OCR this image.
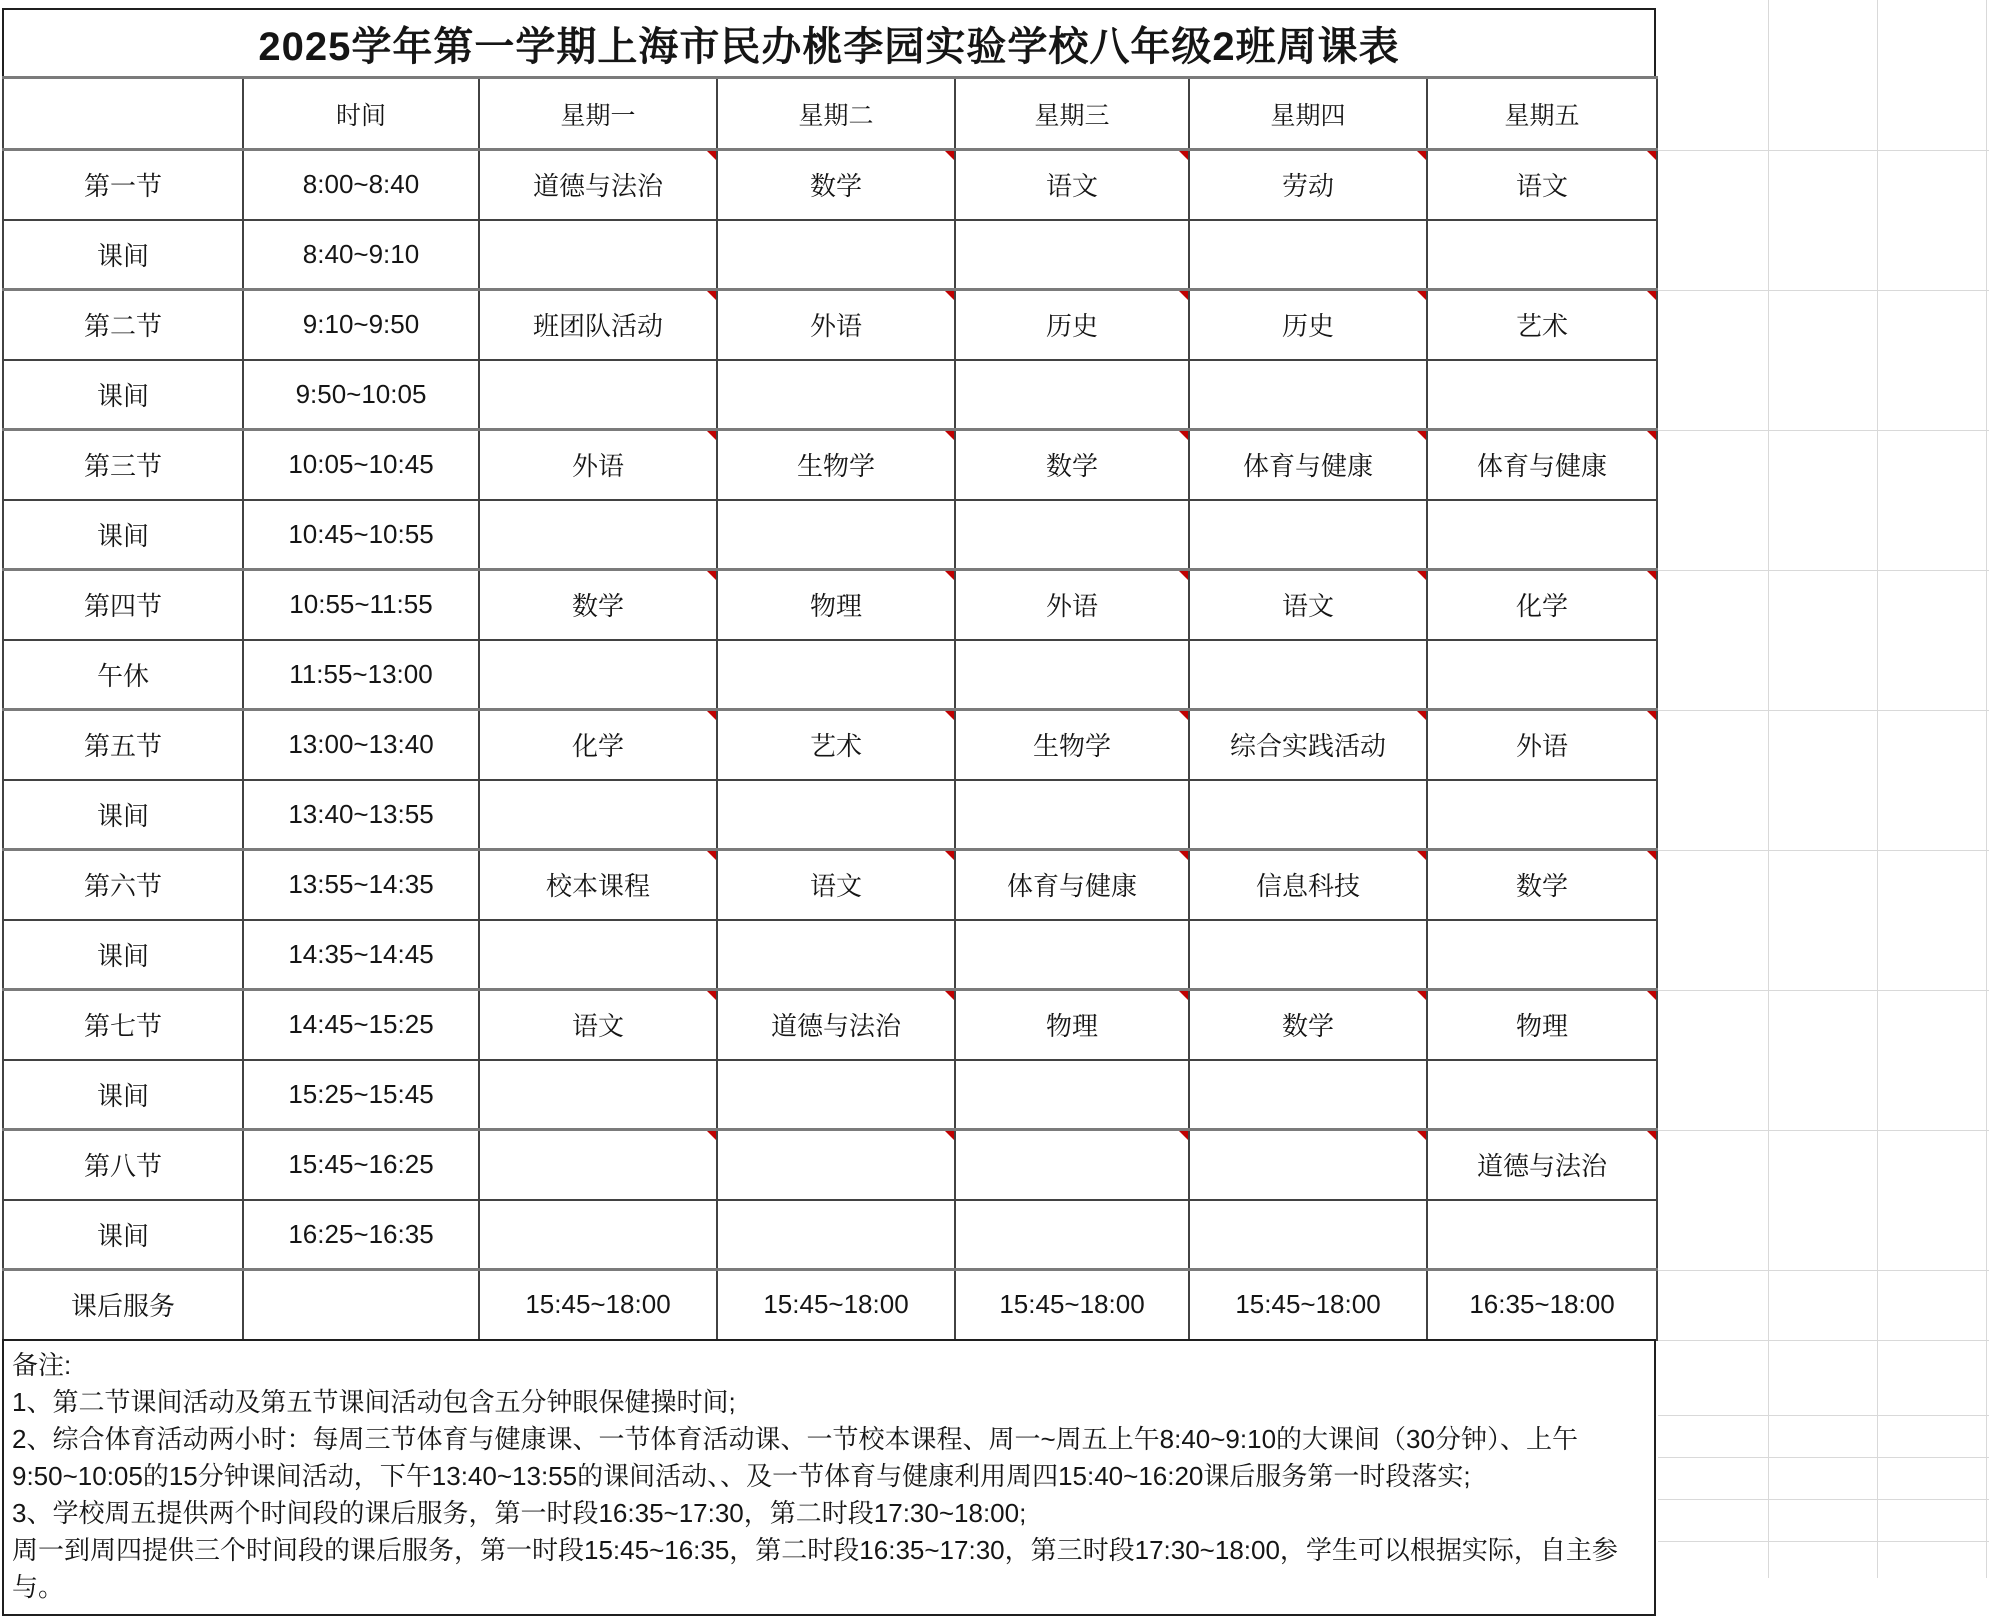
2025学年第一学期上海市民办桃李园实验学校八年级2班周课表
	时间	星期一	星期二	星期三	星期四	星期五
第一节	8:00~8:40	道德与法治	数学	语文	劳动	语文

课间	8:40~9:10					
第二节	9:10~9:50	班团队活动	外语	历史	历史	艺术

课间	9:50~10:05					
第三节	10:05~10:45	外语	生物学	数学	体育与健康	体育与健康

课间	10:45~10:55					
第四节	10:55~11:55	数学	物理	外语	语文	化学

午休	11:55~13:00					
第五节	13:00~13:40	化学	艺术	生物学	综合实践活动	外语

课间	13:40~13:55					
第六节	13:55~14:35	校本课程	语文	体育与健康	信息科技	数学

课间	14:35~14:45					
第七节	14:45~15:25	语文	道德与法治	物理	数学	物理

课间	15:25~15:45					
第八节	15:45~16:25					道德与法治

课间	16:25~16:35					
课后服务		15:45~18:00	15:45~18:00	15:45~18:00	15:45~18:00	16:35~18:00
备注:
1、第二节课间活动及第五节课间活动包含五分钟眼保健操时间;
2、综合体育活动两小时：每周三节体育与健康课、一节体育活动课、一节校本课程、周一~周五上午8:40~9:10的大课间（30分钟）、上午9:50~10:05的15分钟课间活动，下午13:40~13:55的课间活动、、及一节体育与健康利用周四15:40~16:20课后服务第一时段落实;
3、学校周五提供两个时间段的课后服务，第一时段16:35~17:30，第二时段17:30~18:00;
周一到周四提供三个时间段的课后服务，第一时段15:45~16:35，第二时段16:35~17:30，第三时段17:30~18:00，学生可以根据实际，自主参与。
